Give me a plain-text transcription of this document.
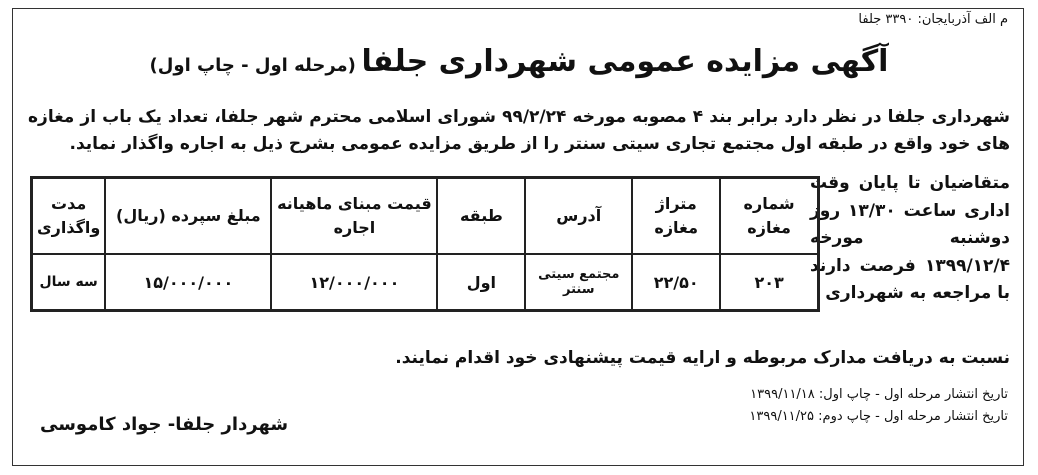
م الف آذربایجان: ۳۳۹۰ جلفا
آگهی مزایده عمومی شهرداری جلفا (مرحله اول - چاپ اول)
شهرداری جلفا در نظر دارد برابر بند ۴ مصوبه مورخه ۹۹/۲/۲۴ شورای اسلامی محترم شهر جلفا، تعداد یک باب از مغازه های خود واقع در طبقه اول مجتمع تجاری سیتی سنتر را از طریق مزایده عمومی بشرح ذیل به اجاره واگذار نماید.
متقاضیان تا پایان وقت اداری ساعت ۱۳/۳۰ روز دوشنبه مورخه ۱۳۹۹/۱۲/۴ فرصت دارند با مراجعه به شهرداری
شماره مغازه	متراژ مغازه	آدرس	طبقه	قیمت مبنای ماهیانه اجاره	مبلغ سپرده (ریال)	مدت واگذاری
۲۰۳	۲۲/۵۰	مجتمع سیتی سنتر	اول	۱۲/۰۰۰/۰۰۰	۱۵/۰۰۰/۰۰۰	سه سال
نسبت به دریافت مدارک مربوطه و ارایه قیمت پیشنهادی خود اقدام نمایند.
تاریخ انتشار مرحله اول - چاپ اول: ۱۳۹۹/۱۱/۱۸
تاریخ انتشار مرحله اول - چاپ دوم: ۱۳۹۹/۱۱/۲۵
شهردار جلفا- جواد کاموسی
